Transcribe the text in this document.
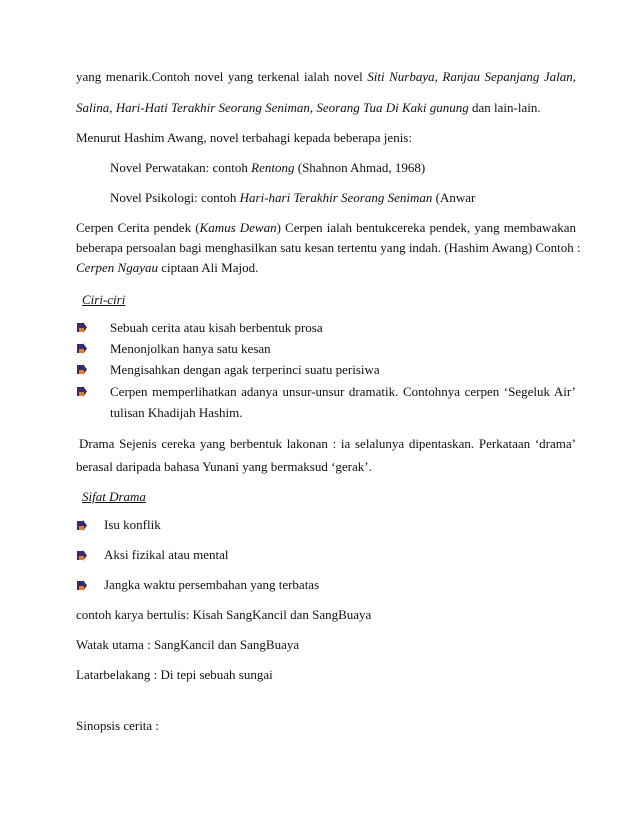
yang menarik.Contoh novel yang terkenal ialah novel Siti Nurbaya, Ranjau Sepanjang Jalan,
Salina, Hari-Hati Terakhir Seorang Seniman, Seorang Tua Di Kaki gunung dan lain-lain.
Menurut Hashim Awang, novel terbahagi kepada beberapa jenis:
Novel Perwatakan: contoh Rentong (Shahnon Ahmad, 1968)
Novel Psikologi: contoh Hari-hari Terakhir Seorang Seniman (Anwar
Cerpen Cerita pendek (Kamus Dewan) Cerpen ialah bentukcereka pendek, yang membawakan
beberapa persoalan bagi menghasilkan satu kesan tertentu yang indah. (Hashim Awang) Contoh :
Cerpen Ngayau ciptaan Ali Majod.
Ciri-ciri
Sebuah cerita atau kisah berbentuk prosa
Menonjolkan hanya satu kesan
Mengisahkan dengan agak terperinci suatu perisiwa
Cerpen memperlihatkan adanya unsur-unsur dramatik. Contohnya cerpen ‘Segeluk Air’
tulisan Khadijah Hashim.
Drama Sejenis cereka yang berbentuk lakonan : ia selalunya dipentaskan. Perkataan ‘drama’
berasal daripada bahasa Yunani yang bermaksud ‘gerak’.
Sifat Drama
Isu konflik
Aksi fizikal atau mental
Jangka waktu persembahan yang terbatas
contoh karya bertulis: Kisah SangKancil dan SangBuaya
Watak utama : SangKancil dan SangBuaya
Latarbelakang : Di tepi sebuah sungai
Sinopsis cerita :
